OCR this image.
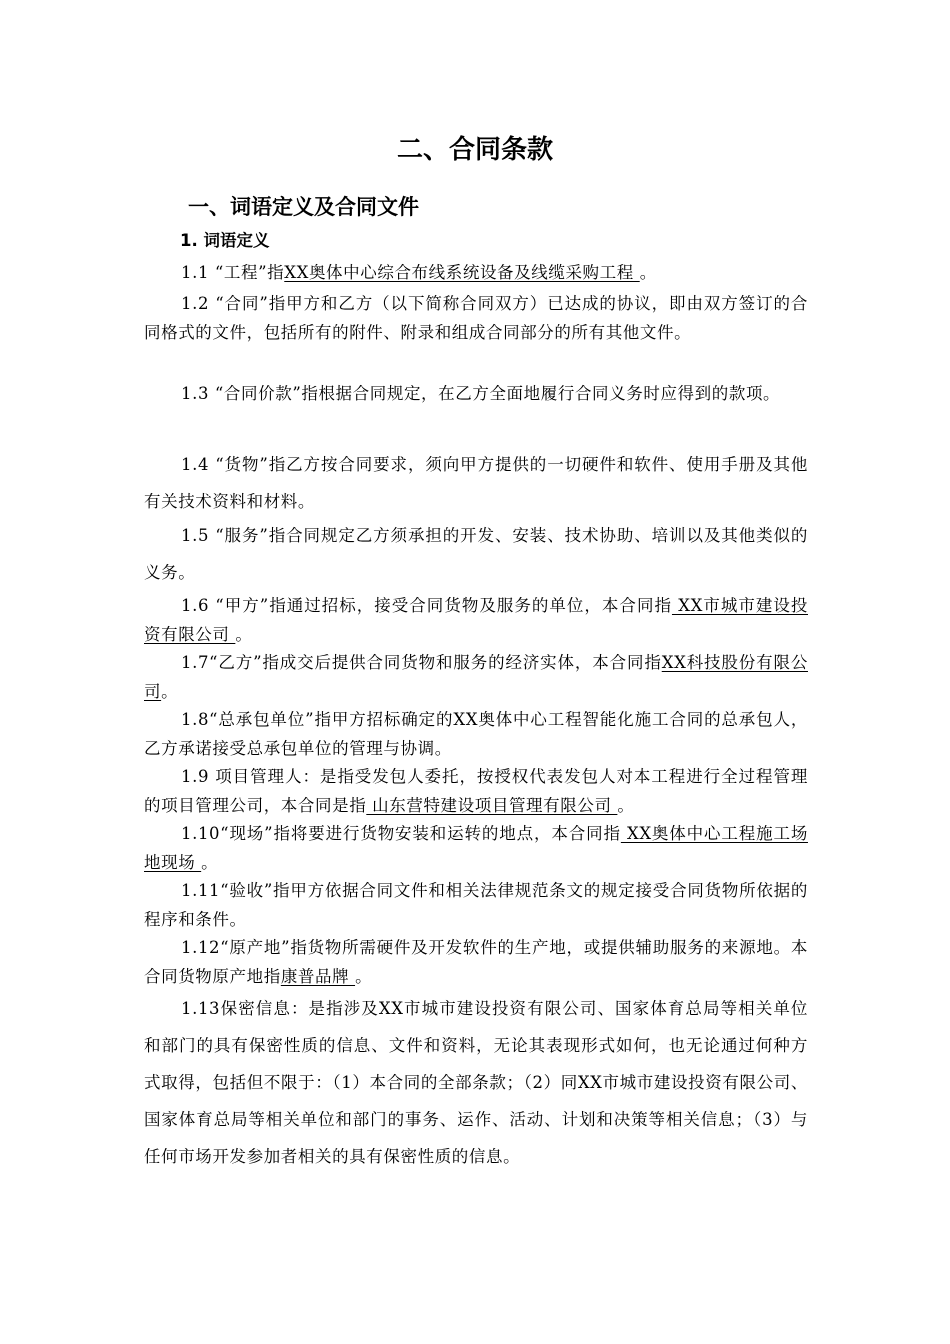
二、合同条款
一、词语定义及合同文件
1. 词语定义
1.1 “工程”指XX奥体中心综合布线系统设备及线缆采购工程 。
1.2 “合同”指甲方和乙方（以下简称合同双方）已达成的协议，即由双方签订的合同格式的文件，包括所有的附件、附录和组成合同部分的所有其他文件。
1.3 “合同价款”指根据合同规定，在乙方全面地履行合同义务时应得到的款项。
1.4 “货物”指乙方按合同要求，须向甲方提供的一切硬件和软件、使用手册及其他有关技术资料和材料。
1.5 “服务”指合同规定乙方须承担的开发、安装、技术协助、培训以及其他类似的义务。
1.6 “甲方”指通过招标，接受合同货物及服务的单位，本合同指 XX市城市建设投资有限公司 。
1.7“乙方”指成交后提供合同货物和服务的经济实体，本合同指XX科技股份有限公司。
1.8“总承包单位”指甲方招标确定的XX奥体中心工程智能化施工合同的总承包人，乙方承诺接受总承包单位的管理与协调。
1.9 项目管理人：是指受发包人委托，按授权代表发包人对本工程进行全过程管理的项目管理公司，本合同是指 山东营特建设项目管理有限公司 。
1.10“现场”指将要进行货物安装和运转的地点，本合同指 XX奥体中心工程施工场地现场 。
1.11“验收”指甲方依据合同文件和相关法律规范条文的规定接受合同货物所依据的程序和条件。
1.12“原产地”指货物所需硬件及开发软件的生产地，或提供辅助服务的来源地。本合同货物原产地指康普品牌 。
1.13保密信息：是指涉及XX市城市建设投资有限公司、国家体育总局等相关单位和部门的具有保密性质的信息、文件和资料，无论其表现形式如何，也无论通过何种方式取得，包括但不限于：（1）本合同的全部条款；（2）同XX市城市建设投资有限公司、国家体育总局等相关单位和部门的事务、运作、活动、计划和决策等相关信息；（3）与任何市场开发参加者相关的具有保密性质的信息。
